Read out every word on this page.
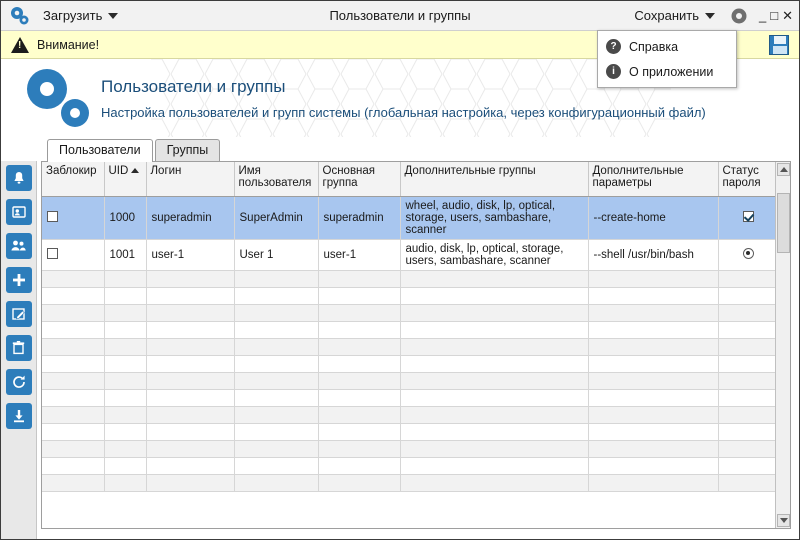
Загрузить	Пользователи и группы	Сохранить	_ □ ✕
? Справка
i	О приложении
!
Внимание!
Пользователи и группы
Настройка пользователей и групп системы (глобальная настройка, через конфигурационный файл)
Пользователи	Группы
Заблокир	UID	Логин	Имя пользователя	Основная группа	Дополнительные группы	Дополнительные параметры	Статус пароля
	1000	superadmin	SuperAdmin	superadmin	wheel, audio, disk, lp, optical, storage, users, sambashare, scanner	--create-home	
	1001	user-1	User 1	user-1	audio, disk, lp, optical, storage, users, sambashare, scanner	--shell /usr/bin/bash	
